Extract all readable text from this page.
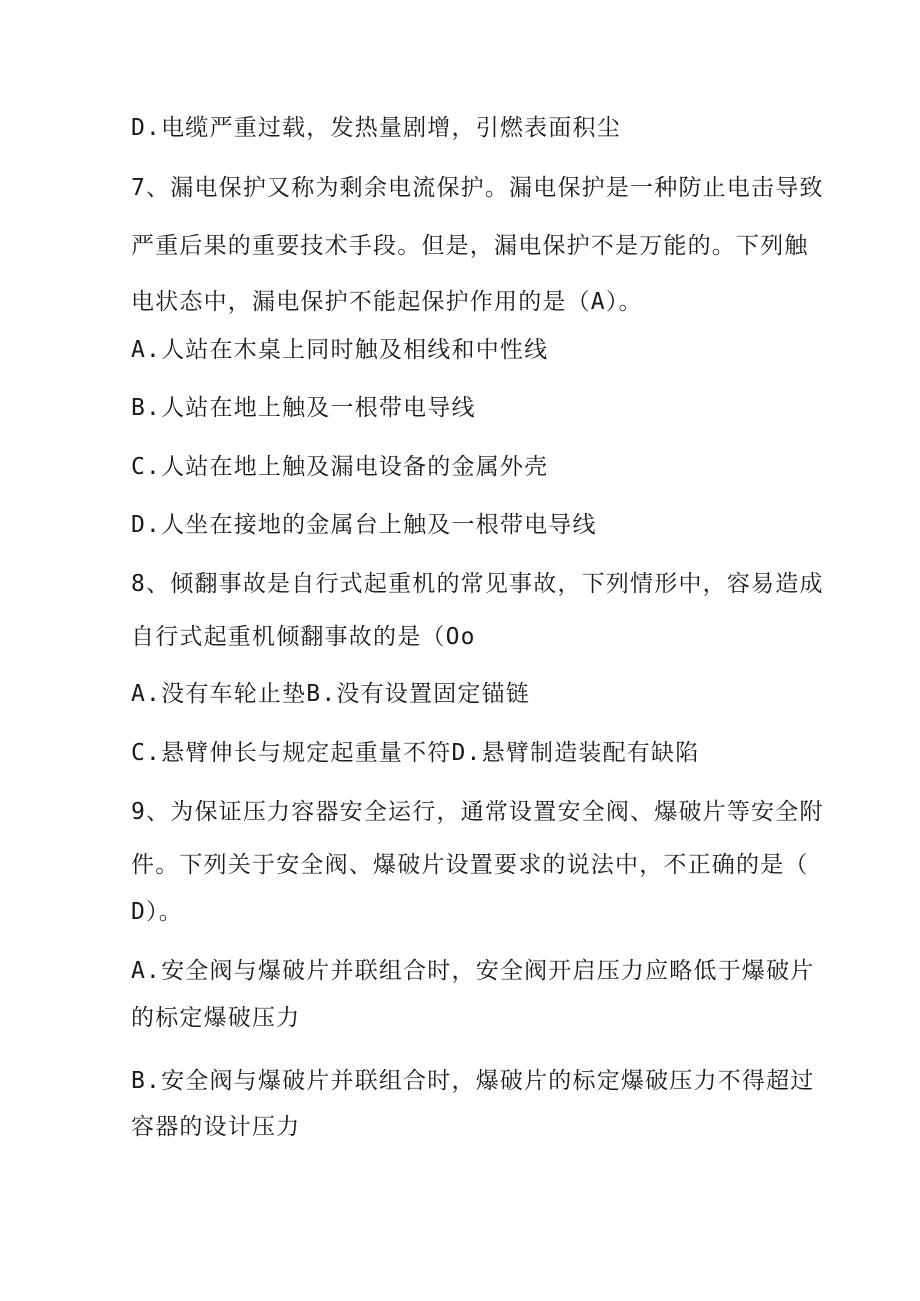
D.电缆严重过载，发热量剧增，引燃表面积尘
7、漏电保护又称为剩余电流保护。漏电保护是一种防止电击导致
严重后果的重要技术手段。但是，漏电保护不是万能的。下列触
电状态中，漏电保护不能起保护作用的是（A）。
A.人站在木桌上同时触及相线和中性线
B.人站在地上触及一根带电导线
C.人站在地上触及漏电设备的金属外壳
D.人坐在接地的金属台上触及一根带电导线
8、倾翻事故是自行式起重机的常见事故，下列情形中，容易造成
自行式起重机倾翻事故的是（Oo
A.没有车轮止垫B.没有设置固定锚链
C.悬臂伸长与规定起重量不符D.悬臂制造装配有缺陷
9、为保证压力容器安全运行，通常设置安全阀、爆破片等安全附
件。下列关于安全阀、爆破片设置要求的说法中，不正确的是（
D）。
A.安全阀与爆破片并联组合时，安全阀开启压力应略低于爆破片
的标定爆破压力
B.安全阀与爆破片并联组合时，爆破片的标定爆破压力不得超过
容器的设计压力
